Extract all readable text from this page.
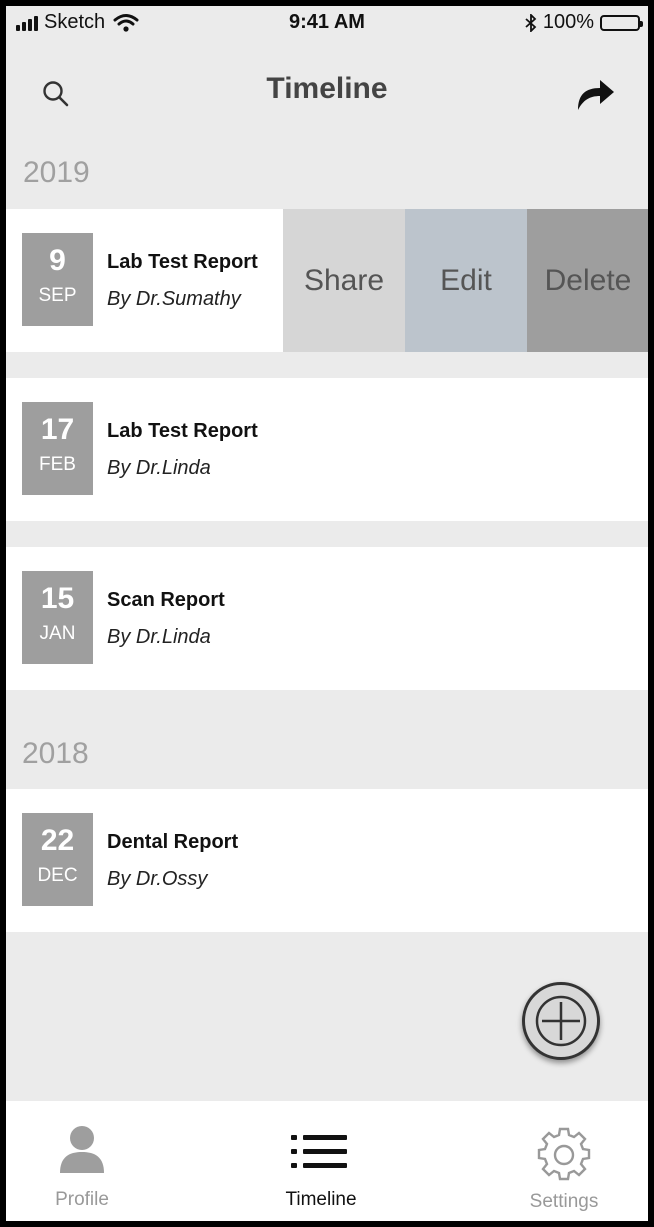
Sketch	9:41 AM	100%
Timeline
2019
9
SEP
Lab Test Report
By Dr.Sumathy
Share	Edit	Delete
17
FEB
Lab Test Report
By Dr.Linda
15
JAN
Scan Report
By Dr.Linda
2018
22
DEC
Dental Report
By Dr.Ossy
Profile	Timeline	Settings
